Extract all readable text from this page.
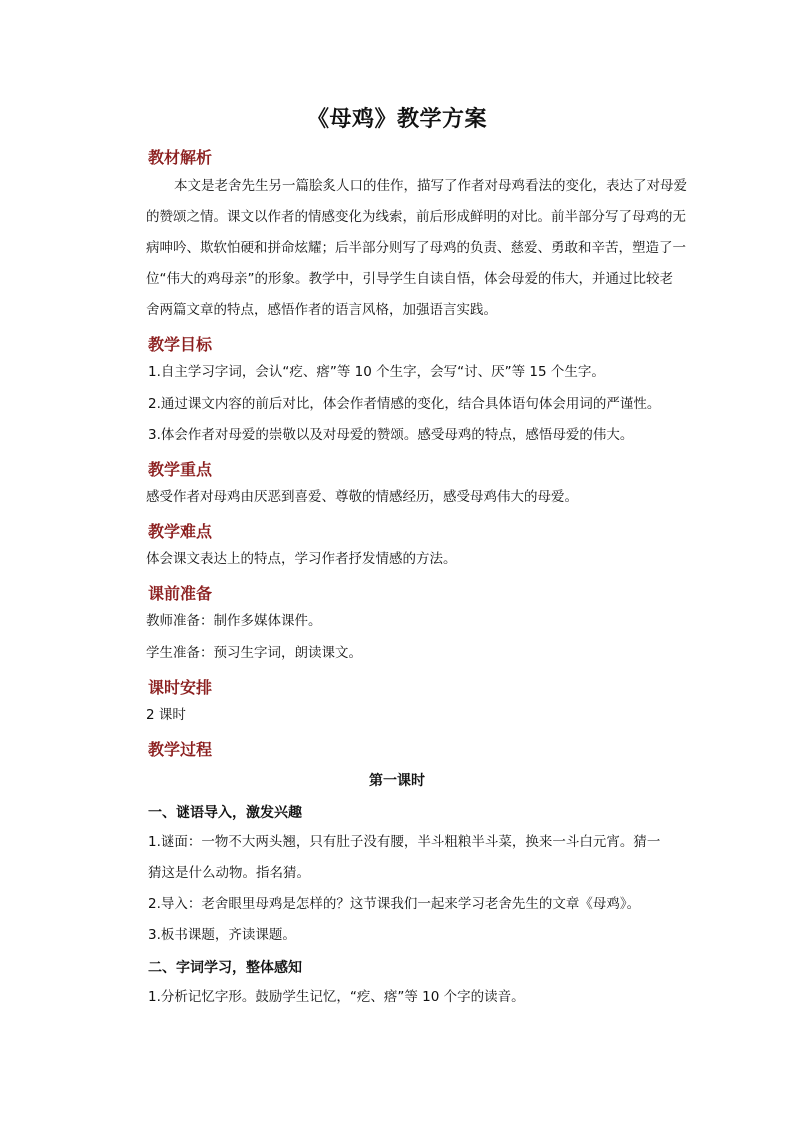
《母鸡》教学方案
教材解析
本文是老舍先生另一篇脍炙人口的佳作，描写了作者对母鸡看法的变化，表达了对母爱
的赞颂之情。课文以作者的情感变化为线索，前后形成鲜明的对比。前半部分写了母鸡的无
病呻吟、欺软怕硬和拼命炫耀；后半部分则写了母鸡的负责、慈爱、勇敢和辛苦，塑造了一
位“伟大的鸡母亲”的形象。教学中，引导学生自读自悟，体会母爱的伟大，并通过比较老
舍两篇文章的特点，感悟作者的语言风格，加强语言实践。
教学目标
1.自主学习字词，会认“疙、瘩”等 10 个生字，会写“讨、厌”等 15 个生字。
2.通过课文内容的前后对比，体会作者情感的变化，结合具体语句体会用词的严谨性。
3.体会作者对母爱的崇敬以及对母爱的赞颂。感受母鸡的特点，感悟母爱的伟大。
教学重点
感受作者对母鸡由厌恶到喜爱、尊敬的情感经历，感受母鸡伟大的母爱。
教学难点
体会课文表达上的特点，学习作者抒发情感的方法。
课前准备
教师准备：制作多媒体课件。
学生准备：预习生字词，朗读课文。
课时安排
2 课时
教学过程
第一课时
一、谜语导入，激发兴趣
1.谜面：一物不大两头翘，只有肚子没有腰，半斗粗粮半斗菜，换来一斗白元宵。猜一
猜这是什么动物。指名猜。
2.导入：老舍眼里母鸡是怎样的？这节课我们一起来学习老舍先生的文章《母鸡》。
3.板书课题，齐读课题。
二、字词学习，整体感知
1.分析记忆字形。鼓励学生记忆，“疙、瘩”等 10 个字的读音。
